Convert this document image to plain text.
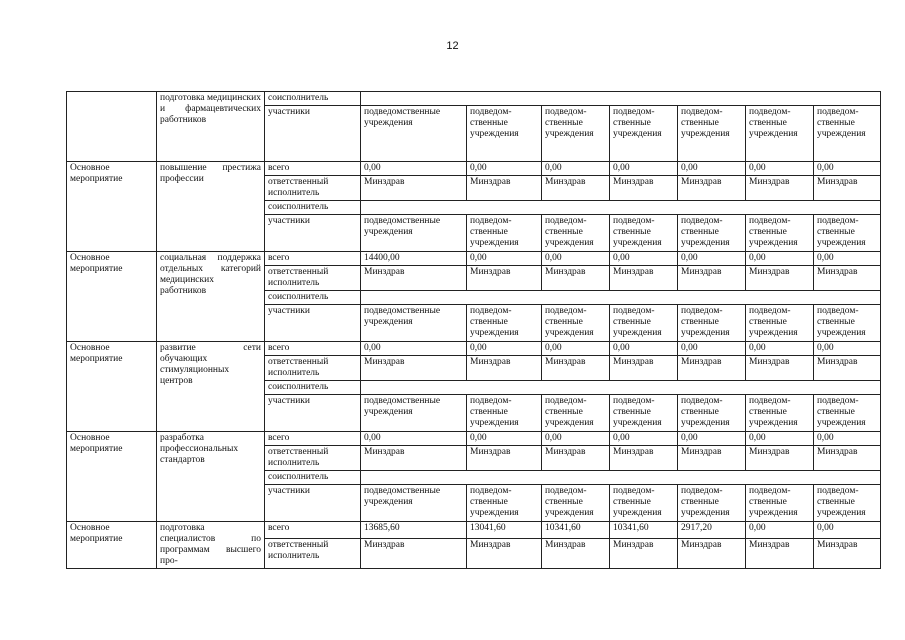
12

	подготовка медицинских и фармацевтических работников	соисполнитель							
		участники	подведомственные учреждения	подведом- ственные учреждения	подведом- ственные учреждения	подведом- ственные учреждения	подведом- ственные учреждения	подведом- ственные учреждения	подведом- ственные учреждения
Основное мероприятие	повышение престижа профессии	всего	0,00	0,00	0,00	0,00	0,00	0,00	0,00
		ответственный исполнитель	Минздрав	Минздрав	Минздрав	Минздрав	Минздрав	Минздрав	Минздрав
		соисполнитель							
		участники	подведомственные учреждения	подведом- ственные учреждения	подведом- ственные учреждения	подведом- ственные учреждения	подведом- ственные учреждения	подведом- ственные учреждения	подведом- ственные учреждения
Основное мероприятие	социальная поддержка отдельных категорий медицинских работников	всего	14400,00	0,00	0,00	0,00	0,00	0,00	0,00
		ответственный исполнитель	Минздрав	Минздрав	Минздрав	Минздрав	Минздрав	Минздрав	Минздрав
		соисполнитель							
		участники	подведомственные учреждения	подведом- ственные учреждения	подведом- ственные учреждения	подведом- ственные учреждения	подведом- ственные учреждения	подведом- ственные учреждения	подведом- ственные учреждения
Основное мероприятие	развитие сети обучающих стимуляционных центров	всего	0,00	0,00	0,00	0,00	0,00	0,00	0,00
		ответственный исполнитель	Минздрав	Минздрав	Минздрав	Минздрав	Минздрав	Минздрав	Минздрав
		соисполнитель							
		участники	подведомственные учреждения	подведом- ственные учреждения	подведом- ственные учреждения	подведом- ственные учреждения	подведом- ственные учреждения	подведом- ственные учреждения	подведом- ственные учреждения
Основное мероприятие	разработка профессиональных стандартов	всего	0,00	0,00	0,00	0,00	0,00	0,00	0,00
		ответственный исполнитель	Минздрав	Минздрав	Минздрав	Минздрав	Минздрав	Минздрав	Минздрав
		соисполнитель							
		участники	подведомственные учреждения	подведом- ственные учреждения	подведом- ственные учреждения	подведом- ственные учреждения	подведом- ственные учреждения	подведом- ственные учреждения	подведом- ственные учреждения
Основное мероприятие	подготовка специалистов по программам высшего про-	всего	13685,60	13041,60	10341,60	10341,60	2917,20	0,00	0,00
		ответственный исполнитель	Минздрав	Минздрав	Минздрав	Минздрав	Минздрав	Минздрав	Минздрав
